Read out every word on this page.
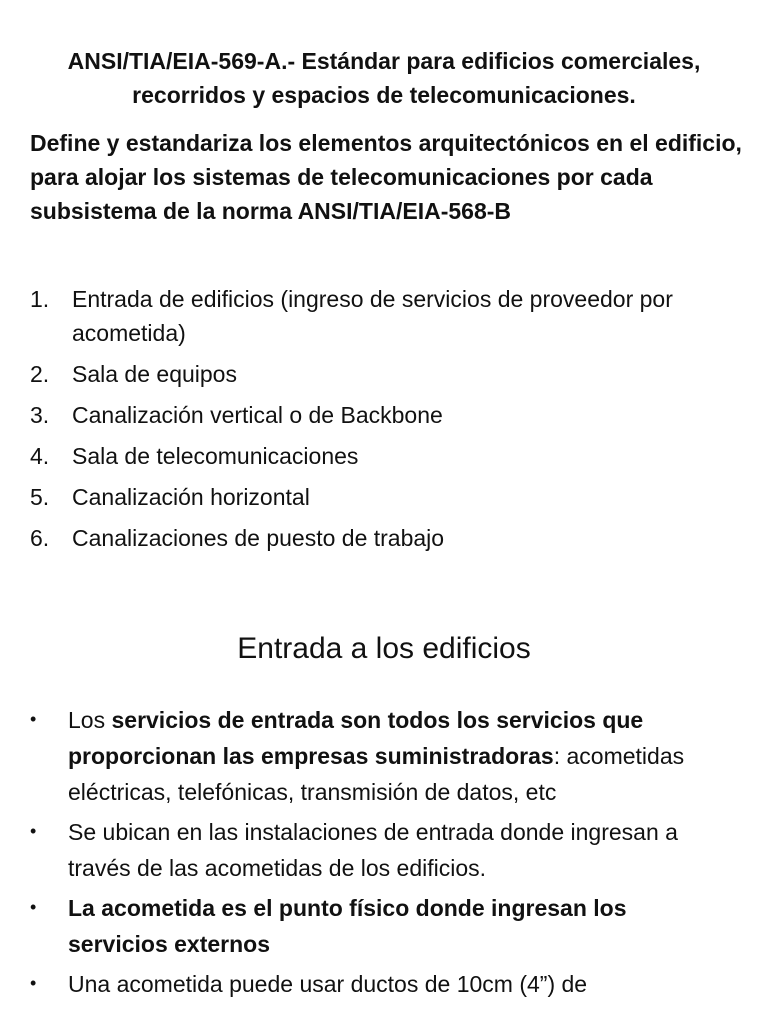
ANSI/TIA/EIA-569-A.- Estándar para edificios comerciales,
recorridos y espacios de telecomunicaciones.

Define y estandariza los elementos arquitectónicos en el edificio, para alojar los sistemas de telecomunicaciones por cada subsistema de la norma ANSI/TIA/EIA-568-B

1. Entrada de edificios (ingreso de servicios de proveedor por acometida)
2. Sala de equipos
3. Canalización vertical o de Backbone
4. Sala de telecomunicaciones
5. Canalización horizontal
6. Canalizaciones de puesto de trabajo
Entrada a los edificios
•	Los servicios de entrada son todos los servicios que proporcionan las empresas suministradoras: acometidas eléctricas, telefónicas, transmisión de datos, etc
•	Se ubican en las instalaciones de entrada donde ingresan a través de las acometidas de los edificios.
•	La acometida es el punto físico donde ingresan los servicios externos
•	Una acometida puede usar ductos de 10cm (4”) de
